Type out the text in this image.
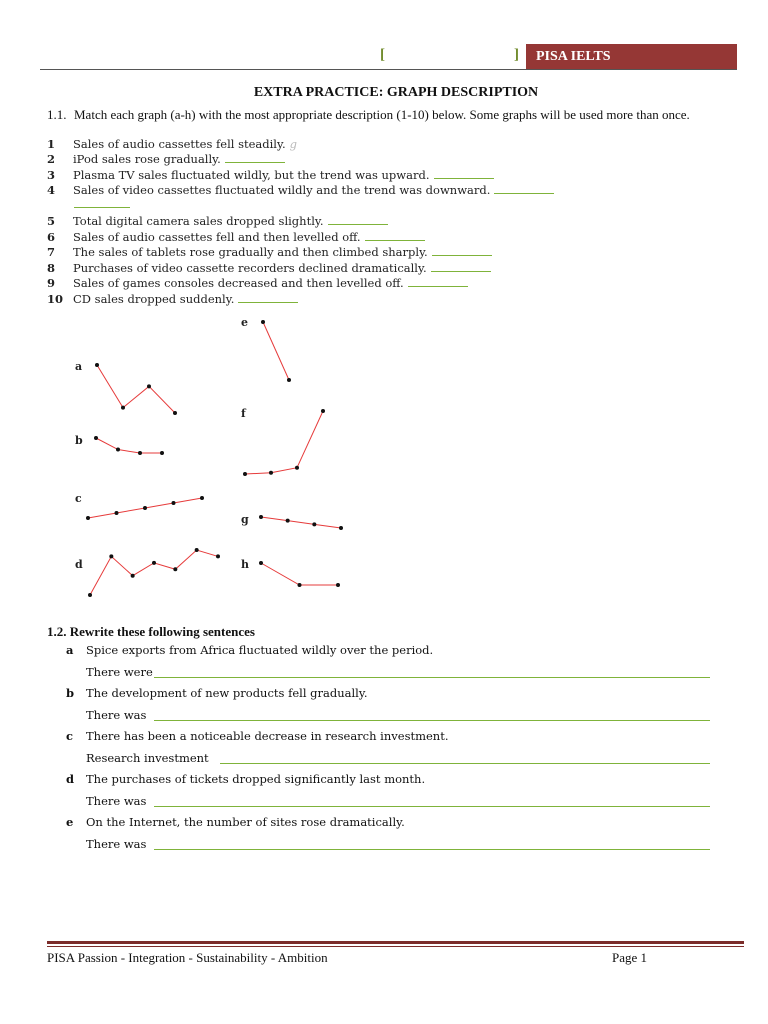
[	]	PISA IELTS
EXTRA PRACTICE: GRAPH DESCRIPTION
1.1. Match each graph (a-h) with the most appropriate description (1-10) below. Some graphs will be used more than once.
1 Sales of audio cassettes fell steadily. g
2 iPod sales rose gradually.
3 Plasma TV sales fluctuated wildly, but the trend was upward.
4 Sales of video cassettes fluctuated wildly and the trend was downward.
5 Total digital camera sales dropped slightly.
6 Sales of audio cassettes fell and then levelled off.
7 The sales of tablets rose gradually and then climbed sharply.
8 Purchases of video cassette recorders declined dramatically.
9 Sales of games consoles decreased and then levelled off.
10 CD sales dropped suddenly.
a
b
c
d
e
f
g
h
1.2. Rewrite these following sentences
a Spice exports from Africa fluctuated wildly over the period.
There were
b The development of new products fell gradually.
There was
c There has been a noticeable decrease in research investment.
Research investment
d The purchases of tickets dropped significantly last month.
There was
e On the Internet, the number of sites rose dramatically.
There was
PISA Passion - Integration - Sustainability - Ambition	Page 1
